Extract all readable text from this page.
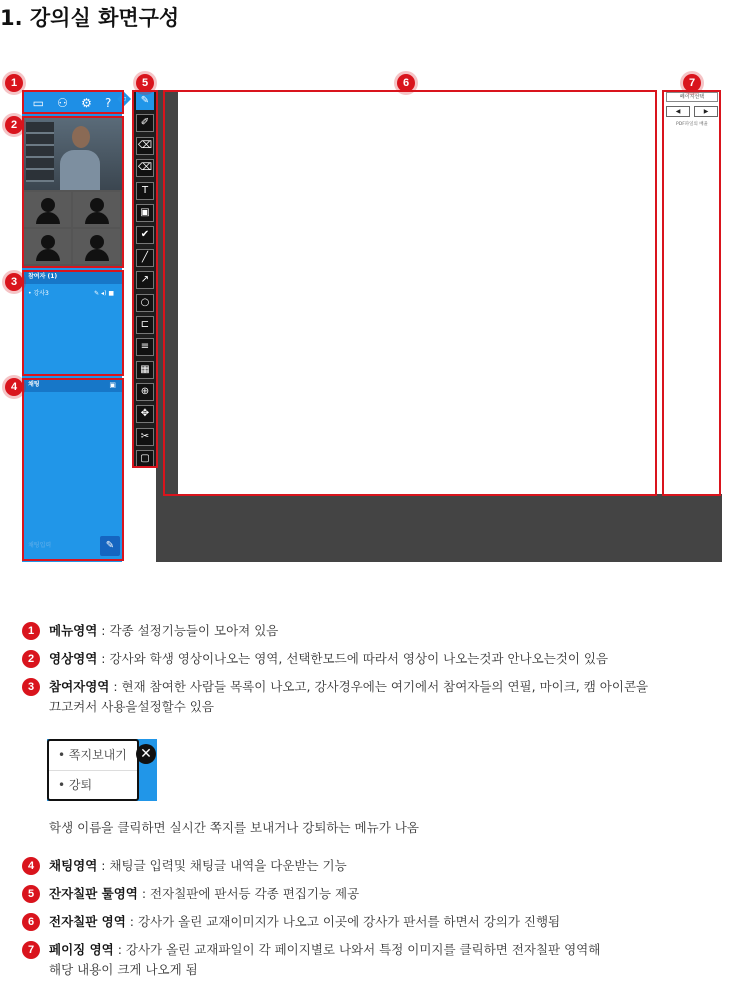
1. 강의실 화면구성
▭ ⚇ ⚙ ?
참여자 (1)
• 강사3	✎ ◂) ■
채팅	▣
채팅입력	✎
◇	✎
✐
⌫
⌫
T
▣
✔
╱
↗
○
⊏
≡
▦
⊕
✥
✂
▢
페이지선택
◀	▶
PDF파일의 배율
1
2
3
4
5	6	7
1	메뉴영역 : 각종 설정기능들이 모아져 있음
2	영상영역 : 강사와 학생 영상이나오는 영역, 선택한모드에 따라서 영상이 나오는것과 안나오는것이 있음
3	참여자영역 : 현재 참여한 사람들 목록이 나오고, 강사경우에는 여기에서 참여자들의 연필, 마이크, 캠 아이콘을
끄고켜서 사용을설정할수 있음
• 쪽지보내기
• 강퇴
✕
학생 이름을 클릭하면 실시간 쪽지를 보내거나 강퇴하는 메뉴가 나옴
4	채팅영역 : 채팅글 입력및 채팅글 내역을 다운받는 기능
5	잔자칠판 툴영역 : 전자칠판에 판서등 각종 편집기능 제공
6	전자칠판 영역 : 강사가 올린 교재이미지가 나오고 이곳에 강사가 판서를 하면서 강의가 진행됨
7	페이징 영역 : 강사가 올린 교재파일이 각 페이지별로 나와서 특정 이미지를 클릭하면 전자칠판 영역해
해당 내용이 크게 나오게 됨
